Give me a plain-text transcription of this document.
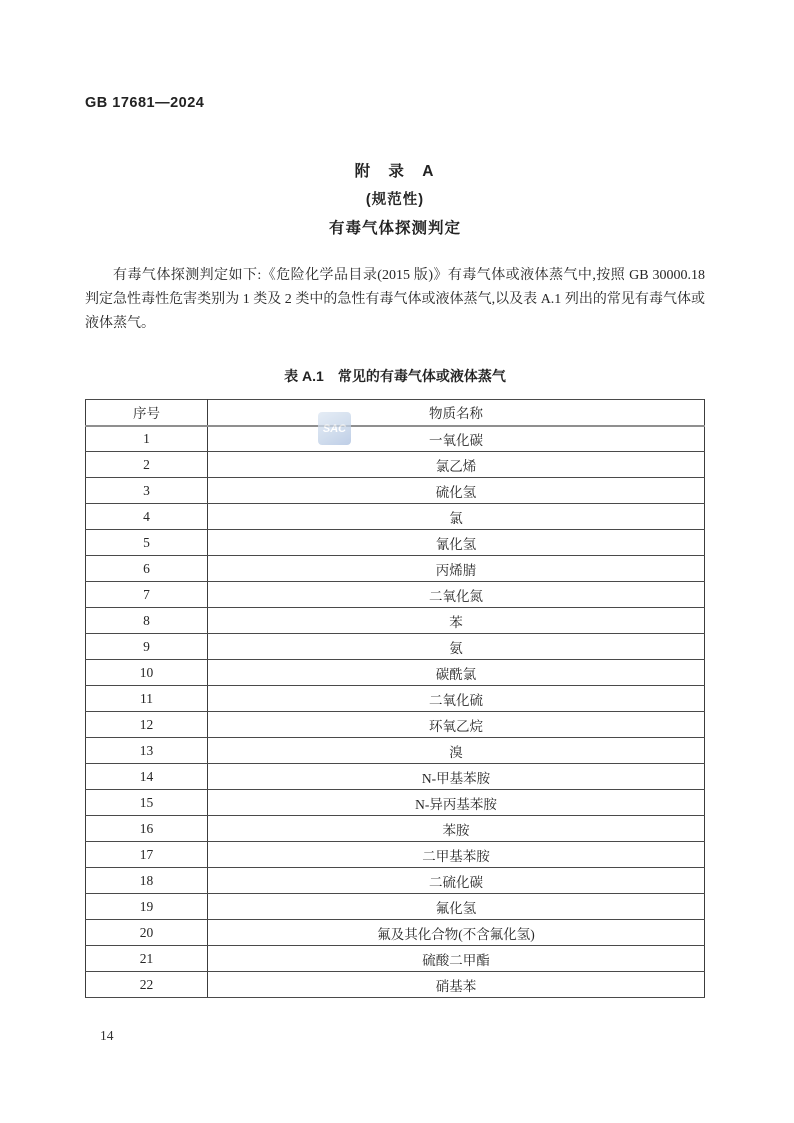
GB 17681—2024
附 录 A
(规范性)
有毒气体探测判定

有毒气体探测判定如下:《危险化学品目录(2015 版)》有毒气体或液体蒸气中,按照 GB 30000.18 判定急性毒性危害类别为 1 类及 2 类中的急性有毒气体或液体蒸气,以及表 A.1 列出的常见有毒气体或液体蒸气。

表 A.1 常见的有毒气体或液体蒸气
序号	物质名称
1	一氧化碳
2	氯乙烯
3	硫化氢
4	氯
5	氰化氢
6	丙烯腈
7	二氧化氮
8	苯
9	氨
10	碳酰氯
11	二氧化硫
12	环氧乙烷
13	溴
14	N-甲基苯胺
15	N-异丙基苯胺
16	苯胺
17	二甲基苯胺
18	二硫化碳
19	氟化氢
20	氟及其化合物(不含氟化氢)
21	硫酸二甲酯
22	硝基苯
SAC
14
